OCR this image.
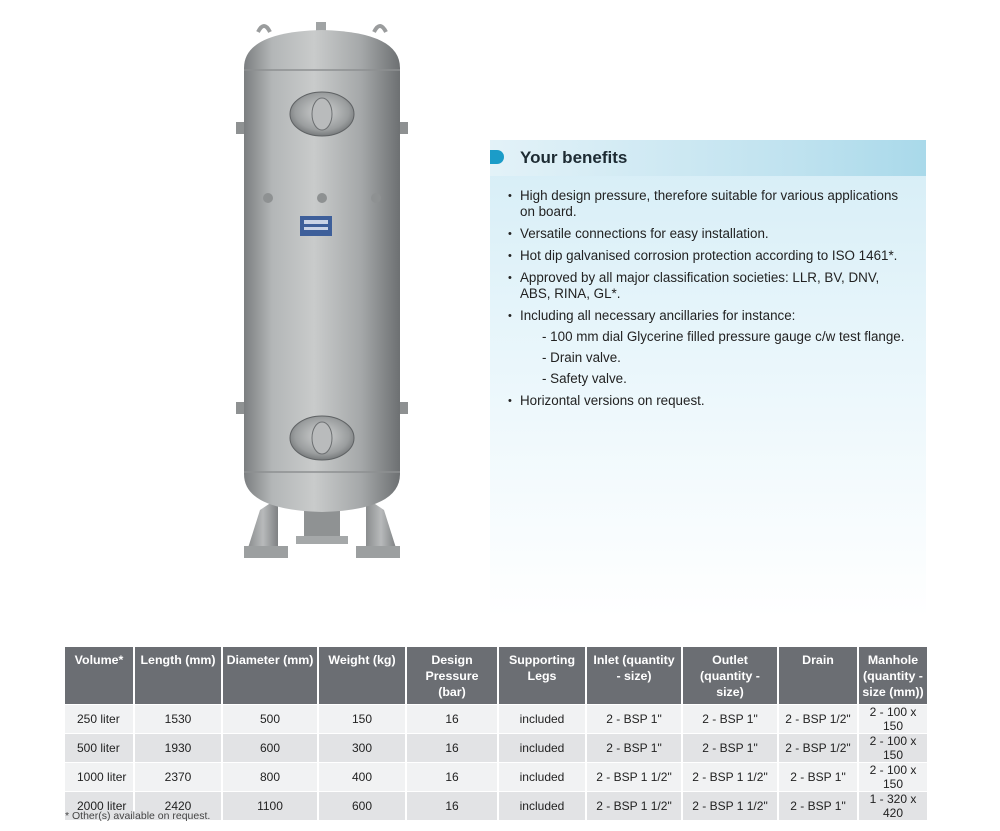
Your benefits
• High design pressure, therefore suitable for various applications on board.
• Versatile connections for easy installation.
• Hot dip galvanised corrosion protection according to ISO 1461*.
• Approved by all major classification societies: LLR, BV, DNV, ABS, RINA, GL*.
• Including all necessary ancillaries for instance:
- 100 mm dial Glycerine filled pressure gauge c/w test flange.
- Drain valve.
- Safety valve.
• Horizontal versions on request.
Volume*	Length (mm)	Diameter (mm)	Weight (kg)	Design Pressure (bar)	Supporting Legs	Inlet (quantity - size)	Outlet (quantity - size)	Drain	Manhole (quantity - size (mm))
250 liter	1530	500	150	16	included	2 - BSP 1"	2 - BSP 1"	2 - BSP 1/2"	2 - 100 x 150
500 liter	1930	600	300	16	included	2 - BSP 1"	2 - BSP 1"	2 - BSP 1/2"	2 - 100 x 150
1000 liter	2370	800	400	16	included	2 - BSP 1 1/2"	2 - BSP 1 1/2"	2 - BSP 1"	2 - 100 x 150
2000 liter	2420	1100	600	16	included	2 - BSP 1 1/2"	2 - BSP 1 1/2"	2 - BSP 1"	1 - 320 x 420

* Other(s) available on request.
